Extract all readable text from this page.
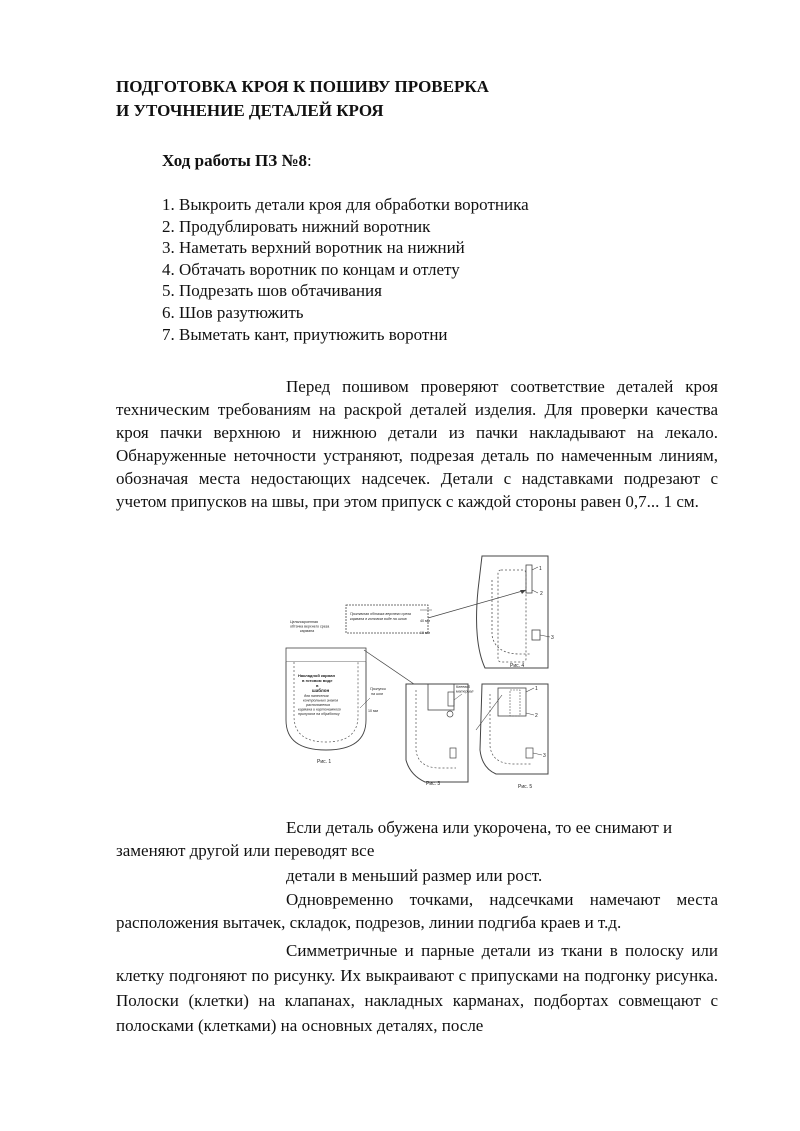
ПОДГОТОВКА КРОЯ К ПОШИВУ ПРОВЕРКА
И УТОЧНЕНИЕ ДЕТАЛЕЙ КРОЯ
Ход работы ПЗ №8:
1. Выкроить детали кроя для обработки воротника
2. Продублировать нижний воротник
3. Наметать верхний воротник на нижний
4. Обтачать воротник по концам и отлету
5. Подрезать шов обтачивания
6. Шов разутюжить
7. Выметать кант, приутюжить воротни

Перед пошивом проверяют соответствие деталей кроя техническим требованиям на раскрой деталей изделия. Для проверки качества кроя пачки верхнюю и нижнюю детали из пачки накладывают на лекало. Обнаруженные неточности устраняют, подрезая деталь по намеченным линиям, обозначая места недостающих надсечек. Детали с надставками подрезают с учетом припусков на швы, при этом припуск с каждой стороны равен 0,7... 1 см.

1
2
3
Рис. 4
Притачная обтачка верхнего среза
кармана в готовом виде на шлив	40 мм
10 мм
Цельнокроенная
обтачка верхнего среза
кармана
Накладной карман
в готовом виде
в
шаблон
для нанесения
контрольных знаков
расположения
кармана и картонажного
припусков на обработку
Рис. 1
Припуски
на шов
10 мм
Клеевой
материал
Рис. 3
1
2
3
Рис. 5

Если деталь обужена или укорочена, то ее снимают и
заменяют другой или переводят все

детали в меньший размер или рост.

Одновременно точками, надсечками намечают места расположения вытачек, складок, подрезов, линии подгиба краев и т.д.

Симметричные и парные детали из ткани в полоску или клетку подгоняют по рисунку. Их выкраивают с припусками на подгонку рисунка. Полоски (клетки) на клапанах, накладных карманах, подбортах совмещают с полосками (клетками) на основных деталях, после
